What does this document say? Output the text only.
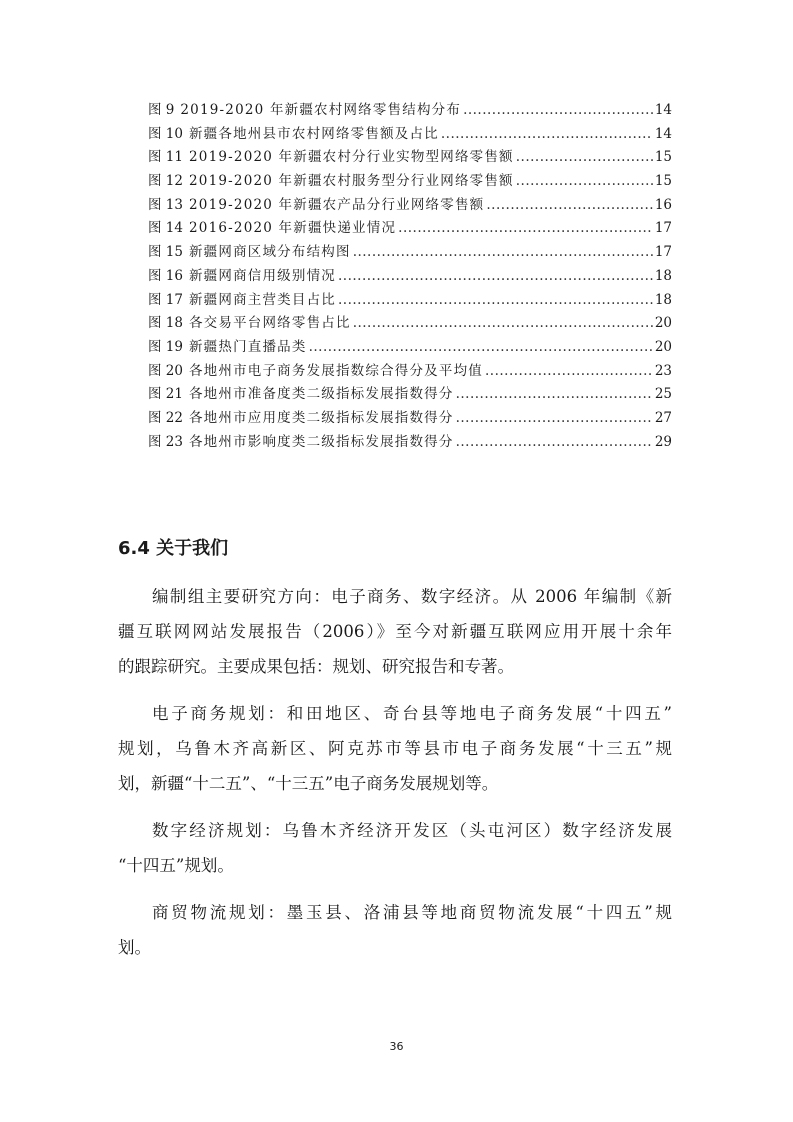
图 9 2019-2020 年新疆农村网络零售结构分布 .....	14
图 10 新疆各地州县市农村网络零售额及占比 .....	14
图 11 2019-2020 年新疆农村分行业实物型网络零售额 .....	15
图 12 2019-2020 年新疆农村服务型分行业网络零售额 .....	15
图 13 2019-2020 年新疆农产品分行业网络零售额 .....	16
图 14 2016-2020 年新疆快递业情况 .....	17
图 15 新疆网商区域分布结构图 .....	17
图 16 新疆网商信用级别情况 .....	18
图 17 新疆网商主营类目占比 .....	18
图 18 各交易平台网络零售占比 .....	20
图 19 新疆热门直播品类 .....	20
图 20 各地州市电子商务发展指数综合得分及平均值 .....	23
图 21 各地州市准备度类二级指标发展指数得分 .....	25
图 22 各地州市应用度类二级指标发展指数得分 .....	27
图 23 各地州市影响度类二级指标发展指数得分 .....	29
6.4 关于我们
编制组主要研究方向：电子商务、数字经济。从 2006 年编制《新
疆互联网网站发展报告（2006）》至今对新疆互联网应用开展十余年
的跟踪研究。主要成果包括：规划、研究报告和专著。
电子商务规划：和田地区、奇台县等地电子商务发展“十四五”
规划，乌鲁木齐高新区、阿克苏市等县市电子商务发展“十三五”规
划，新疆“十二五”、“十三五”电子商务发展规划等。
数字经济规划：乌鲁木齐经济开发区（头屯河区）数字经济发展
“十四五”规划。
商贸物流规划：墨玉县、洛浦县等地商贸物流发展“十四五”规
划。
36
